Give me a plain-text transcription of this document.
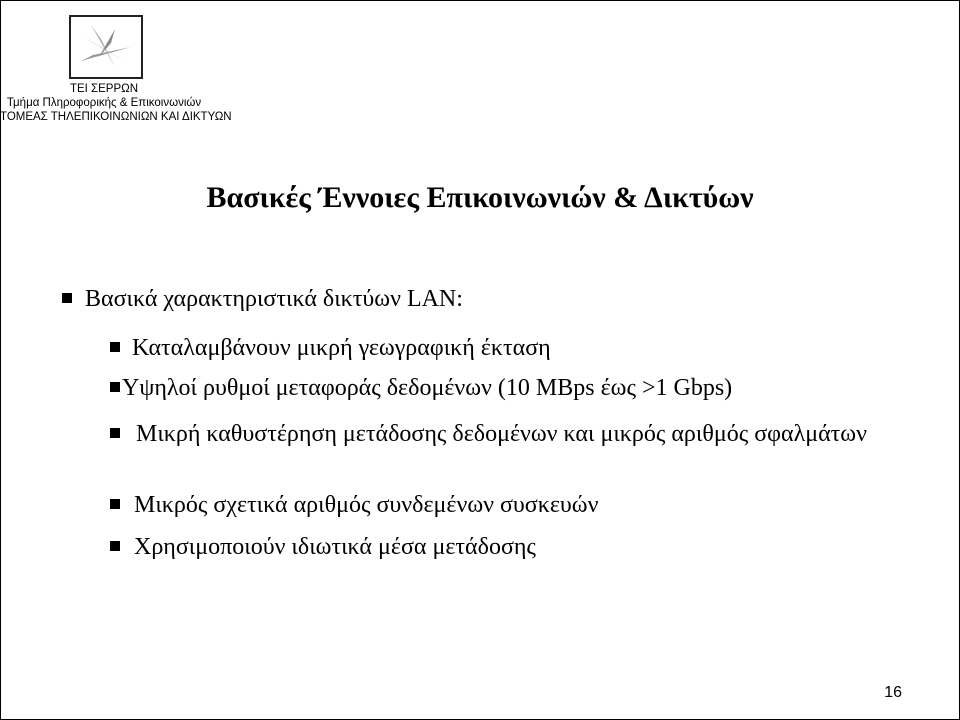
ΤΕΙ ΣΕΡΡΩΝ
Τμήμα Πληροφορικής & Επικοινωνιών
ΤΟΜΕΑΣ ΤΗΛΕΠΙΚΟΙΝΩΝΙΩΝ ΚΑΙ ΔΙΚΤΥΩΝ
Βασικές Έννοιες Επικοινωνιών & Δικτύων
Βασικά χαρακτηριστικά δικτύων LAN:
Καταλαμβάνουν μικρή γεωγραφική έκταση
Υψηλοί ρυθμοί μεταφοράς δεδομένων (10 MBps έως >1 Gbps)
Μικρή καθυστέρηση μετάδοσης δεδομένων και μικρός αριθμός σφαλμάτων
Μικρός σχετικά αριθμός συνδεμένων συσκευών
Χρησιμοποιούν ιδιωτικά μέσα μετάδοσης
16
